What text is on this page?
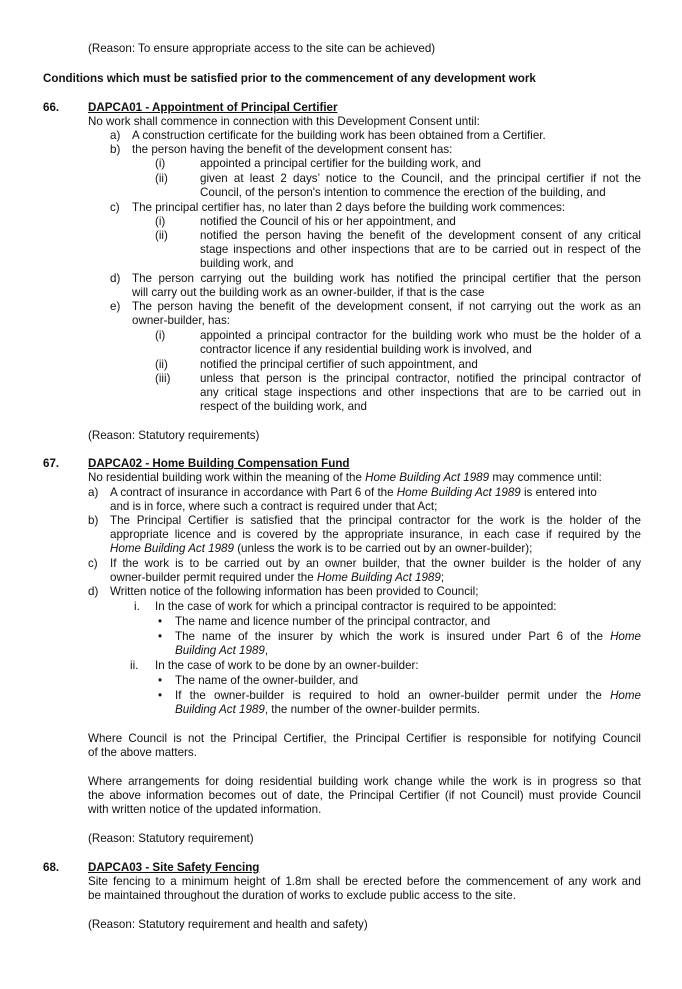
(Reason: To ensure appropriate access to the site can be achieved)
Conditions which must be satisfied prior to the commencement of any development work
66. DAPCA01 - Appointment of Principal Certifier
No work shall commence in connection with this Development Consent until:
a) A construction certificate for the building work has been obtained from a Certifier.
b) the person having the benefit of the development consent has:
(i)	appointed a principal certifier for the building work, and
(ii)	given at least 2 days’ notice to the Council, and the principal certifier if not the
Council, of the person's intention to commence the erection of the building, and
c) The principal certifier has, no later than 2 days before the building work commences:
(i)	notified the Council of his or her appointment, and
(ii)	notified the person having the benefit of the development consent of any critical
stage inspections and other inspections that are to be carried out in respect of the
building work, and
d) The person carrying out the building work has notified the principal certifier that the person
will carry out the building work as an owner-builder, if that is the case
e) The person having the benefit of the development consent, if not carrying out the work as an
owner-builder, has:
(i)	appointed a principal contractor for the building work who must be the holder of a
contractor licence if any residential building work is involved, and
(ii)	notified the principal certifier of such appointment, and
(iii)	unless that person is the principal contractor, notified the principal contractor of
any critical stage inspections and other inspections that are to be carried out in
respect of the building work, and
(Reason: Statutory requirements)
67. DAPCA02 - Home Building Compensation Fund
No residential building work within the meaning of the Home Building Act 1989 may commence until:
a) A contract of insurance in accordance with Part 6 of the Home Building Act 1989 is entered into
and is in force, where such a contract is required under that Act;
b) The Principal Certifier is satisfied that the principal contractor for the work is the holder of the
appropriate licence and is covered by the appropriate insurance, in each case if required by the
Home Building Act 1989 (unless the work is to be carried out by an owner-builder);
c) If the work is to be carried out by an owner builder, that the owner builder is the holder of any
owner-builder permit required under the Home Building Act 1989;
d) Written notice of the following information has been provided to Council;
i. In the case of work for which a principal contractor is required to be appointed:
• The name and licence number of the principal contractor, and
• The name of the insurer by which the work is insured under Part 6 of the Home
Building Act 1989,
ii. In the case of work to be done by an owner-builder:
• The name of the owner-builder, and
• If the owner-builder is required to hold an owner-builder permit under the Home
Building Act 1989, the number of the owner-builder permits.
Where Council is not the Principal Certifier, the Principal Certifier is responsible for notifying Council
of the above matters.
Where arrangements for doing residential building work change while the work is in progress so that
the above information becomes out of date, the Principal Certifier (if not Council) must provide Council
with written notice of the updated information.
(Reason: Statutory requirement)
68. DAPCA03 - Site Safety Fencing
Site fencing to a minimum height of 1.8m shall be erected before the commencement of any work and
be maintained throughout the duration of works to exclude public access to the site.
(Reason: Statutory requirement and health and safety)
